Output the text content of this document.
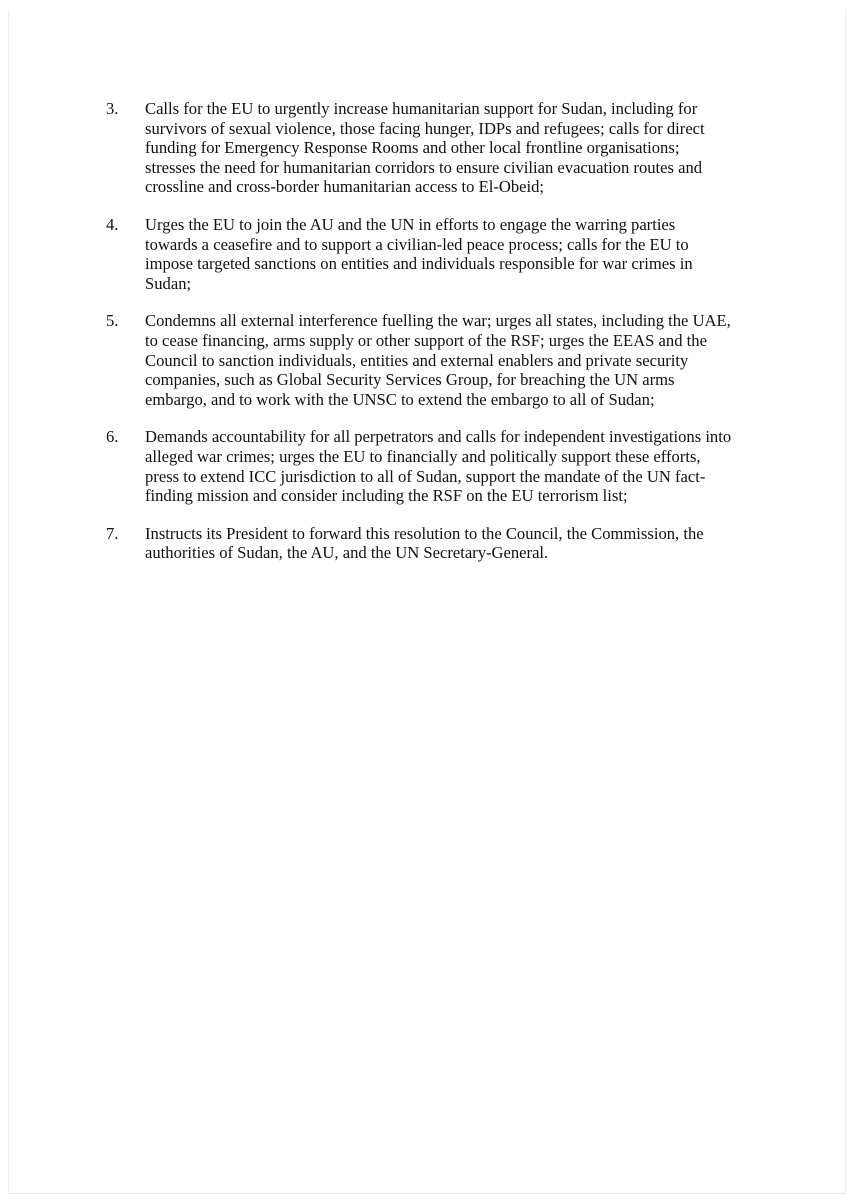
3. Calls for the EU to urgently increase humanitarian support for Sudan, including for
survivors of sexual violence, those facing hunger, IDPs and refugees; calls for direct
funding for Emergency Response Rooms and other local frontline organisations;
stresses the need for humanitarian corridors to ensure civilian evacuation routes and
crossline and cross-border humanitarian access to El-Obeid;
4. Urges the EU to join the AU and the UN in efforts to engage the warring parties
towards a ceasefire and to support a civilian-led peace process; calls for the EU to
impose targeted sanctions on entities and individuals responsible for war crimes in
Sudan;
5. Condemns all external interference fuelling the war; urges all states, including the UAE,
to cease financing, arms supply or other support of the RSF; urges the EEAS and the
Council to sanction individuals, entities and external enablers and private security
companies, such as Global Security Services Group, for breaching the UN arms
embargo, and to work with the UNSC to extend the embargo to all of Sudan;
6. Demands accountability for all perpetrators and calls for independent investigations into
alleged war crimes; urges the EU to financially and politically support these efforts,
press to extend ICC jurisdiction to all of Sudan, support the mandate of the UN fact-
finding mission and consider including the RSF on the EU terrorism list;
7. Instructs its President to forward this resolution to the Council, the Commission, the
authorities of Sudan, the AU, and the UN Secretary-General.
